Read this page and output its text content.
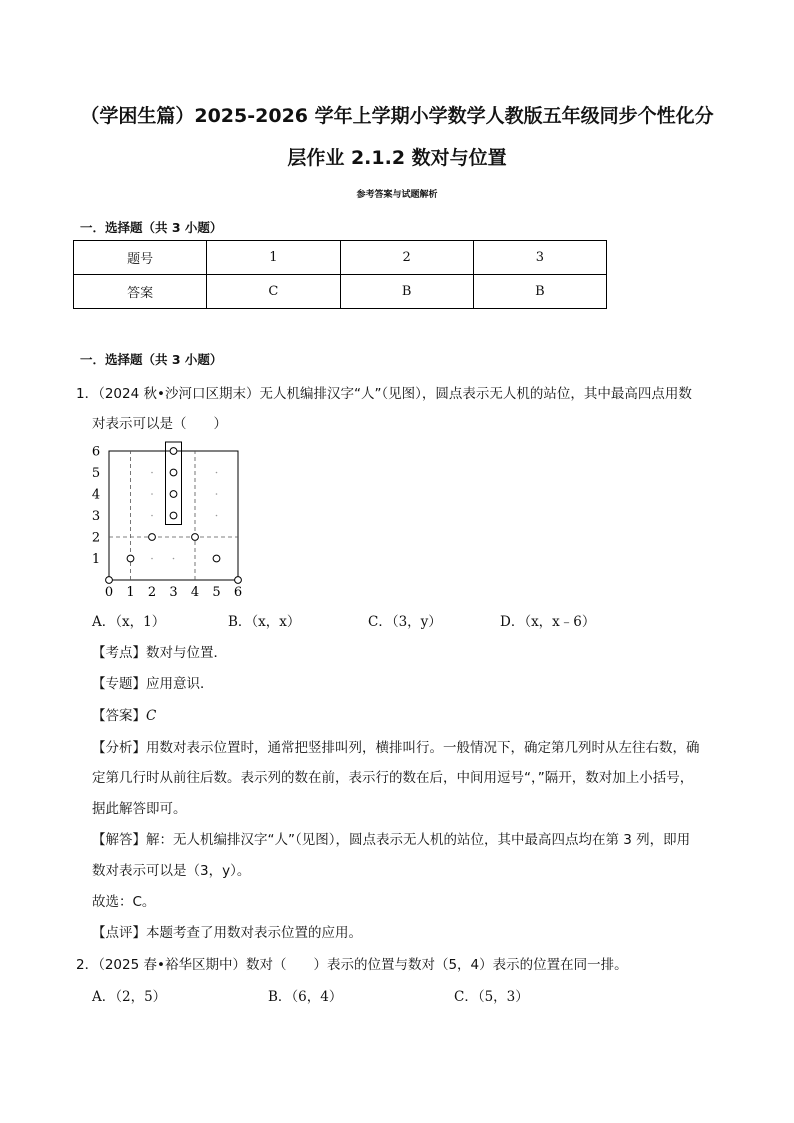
（学困生篇）2025-2026 学年上学期小学数学人教版五年级同步个性化分
层作业 2.1.2 数对与位置
参考答案与试题解析
一．选择题（共 3 小题）
题号	1	2	3
答案	C	B	B
一．选择题（共 3 小题）
1．（2024 秋•沙河口区期末）无人机编排汉字“人”（见图），圆点表示无人机的站位，其中最高四点用数
对表示可以是（　　）
0 1 2 3 4 5 6
1
2
3
4
5
6
A．（x，1）	B．（x，x）	C．（3，y）	D．（x，x﹣6）
【考点】数对与位置．
【专题】应用意识．
【答案】C
【分析】用数对表示位置时，通常把竖排叫列，横排叫行。一般情况下，确定第几列时从左往右数，确
定第几行时从前往后数。表示列的数在前，表示行的数在后，中间用逗号“，”隔开，数对加上小括号，
据此解答即可。
【解答】解：无人机编排汉字“人”（见图），圆点表示无人机的站位，其中最高四点均在第 3 列，即用
数对表示可以是（3，y）。
故选：C。
【点评】本题考查了用数对表示位置的应用。
2．（2025 春•裕华区期中）数对（　　）表示的位置与数对（5，4）表示的位置在同一排。
A．（2，5）	B．（6，4）	C．（5，3）
